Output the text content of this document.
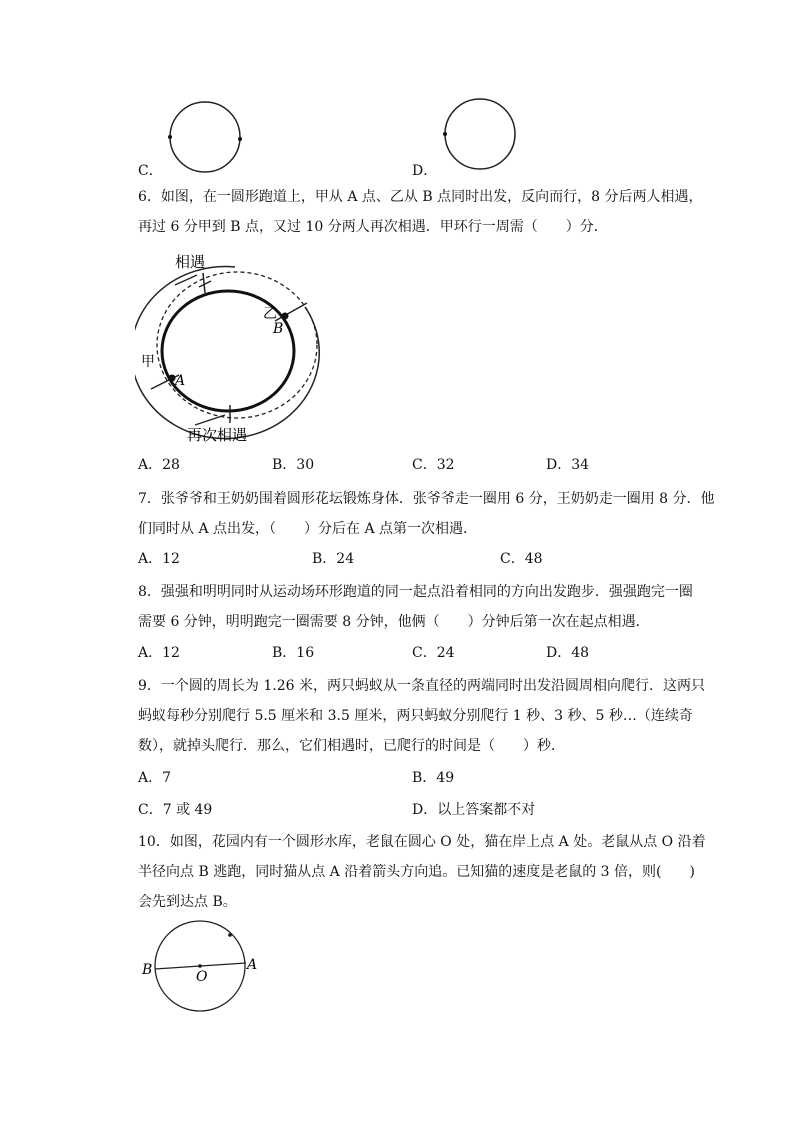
C．	D．
6．如图，在一圆形跑道上，甲从 A 点、乙从 B 点同时出发，反向而行，8 分后两人相遇，
再过 6 分甲到 B 点，又过 10 分两人再次相遇．甲环行一周需（　　）分．
相遇
再次相遇
甲
A
乙
B
A．28	B．30	C．32	D．34
7．张爷爷和王奶奶围着圆形花坛锻炼身体．张爷爷走一圈用 6 分，王奶奶走一圈用 8 分．他
们同时从 A 点出发，（　　）分后在 A 点第一次相遇．
A．12	B．24	C．48
8．强强和明明同时从运动场环形跑道的同一起点沿着相同的方向出发跑步．强强跑完一圈
需要 6 分钟，明明跑完一圈需要 8 分钟，他俩（　　）分钟后第一次在起点相遇．
A．12	B．16	C．24	D．48
9．一个圆的周长为 1.26 米，两只蚂蚁从一条直径的两端同时出发沿圆周相向爬行．这两只
蚂蚁每秒分别爬行 5.5 厘米和 3.5 厘米，两只蚂蚁分别爬行 1 秒、3 秒、5 秒…（连续奇
数），就掉头爬行．那么，它们相遇时，已爬行的时间是（　　）秒．
A．7	B．49
C．7 或 49	D．以上答案都不对
10．如图，花园内有一个圆形水库，老鼠在圆心 O 处，猫在岸上点 A 处。老鼠从点 O 沿着
半径向点 B 逃跑，同时猫从点 A 沿着箭头方向追。已知猫的速度是老鼠的 3 倍，则(　　)
会先到达点 B。
B	O
A
